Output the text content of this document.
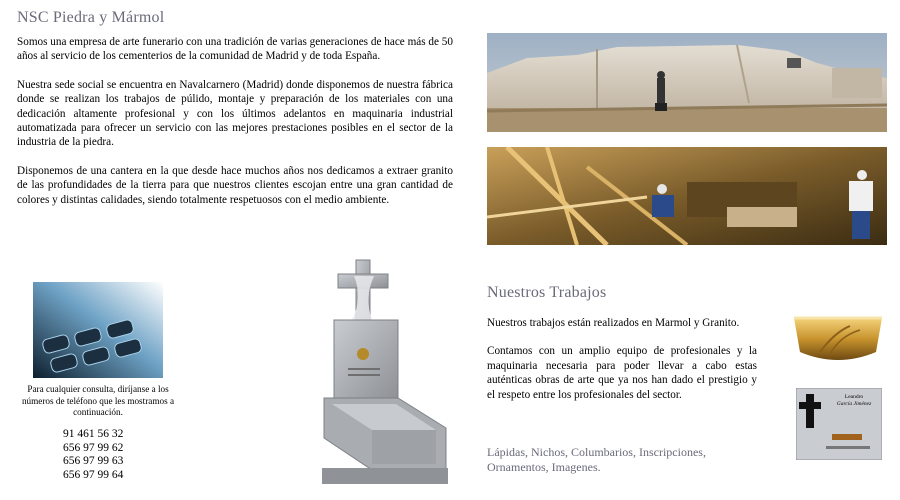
NSC Piedra y Mármol

Somos una empresa de arte funerario con una tradición de varias generaciones de hace más de 50 años al servicio de los cementerios de la comunidad de Madrid y de toda España.

Nuestra sede social se encuentra en Navalcarnero (Madrid) donde disponemos de nuestra fábrica donde se realizan los trabajos de púlido, montaje y preparación de los materiales con una dedicación altamente profesional y con los últimos adelantos en maquinaria industrial automatizada para ofrecer un servicio con las mejores prestaciones posibles en el sector de la industria de la piedra.

Disponemos de una cantera en la que desde hace muchos años nos dedicamos a extraer granito de las profundidades de la tierra para que nuestros clientes escojan entre una gran cantidad de colores y distintas calidades, siendo totalmente respetuosos con el medio ambiente.

Para cualquier consulta, diríjanse a los números de teléfono que les mostramos a continuación.
91 461 56 32
656 97 99 62
656 97 99 63
656 97 99 64
Nuestros Trabajos

Nuestros trabajos están realizados en Marmol y Granito.

Contamos con un amplio equipo de profesionales y la maquinaria necesaria para poder llevar a cabo estas auténticas obras de arte que ya nos han dado el prestigio y el respeto entre los profesionales del sector.

Lápidas, Nichos, Columbarios, Inscripciones, Ornamentos, Imagenes.
Leandro
García Jiménez
